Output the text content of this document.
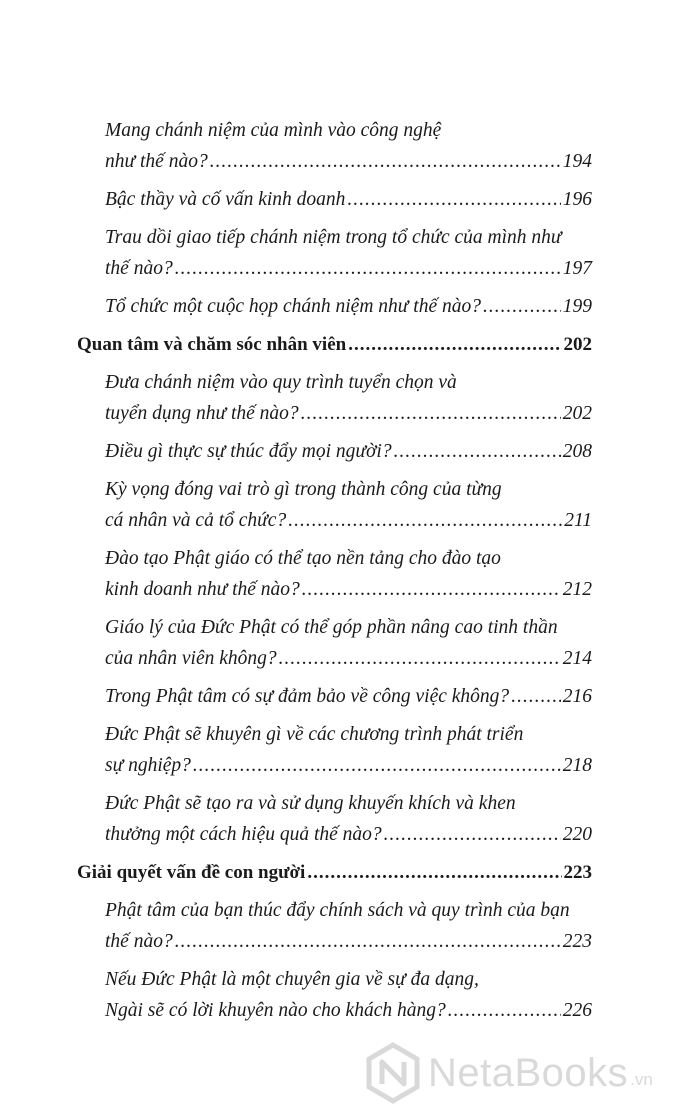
Mang chánh niệm của mình vào công nghệ
như thế nào? .....	194
Bậc thầy và cố vấn kinh doanh .....	196
Trau dồi giao tiếp chánh niệm trong tổ chức của mình như
thế nào? .....	197
Tổ chức một cuộc họp chánh niệm như thế nào? .....	199
Quan tâm và chăm sóc nhân viên .....	202
Đưa chánh niệm vào quy trình tuyển chọn và
tuyển dụng như thế nào? .....	202
Điều gì thực sự thúc đẩy mọi người? .....	208
Kỳ vọng đóng vai trò gì trong thành công của từng
cá nhân và cả tổ chức? .....	211
Đào tạo Phật giáo có thể tạo nền tảng cho đào tạo
kinh doanh như thế nào? .....	212
Giáo lý của Đức Phật có thể góp phần nâng cao tinh thần
của nhân viên không? .....	214
Trong Phật tâm có sự đảm bảo về công việc không? .....	216
Đức Phật sẽ khuyên gì về các chương trình phát triển
sự nghiệp? .....	218
Đức Phật sẽ tạo ra và sử dụng khuyến khích và khen
thưởng một cách hiệu quả thế nào? .....	220
Giải quyết vấn đề con người .....	223
Phật tâm của bạn thúc đẩy chính sách và quy trình của bạn
thế nào? .....	223
Nếu Đức Phật là một chuyên gia về sự đa dạng,
Ngài sẽ có lời khuyên nào cho khách hàng? .....	226
NetaBooks .vn
